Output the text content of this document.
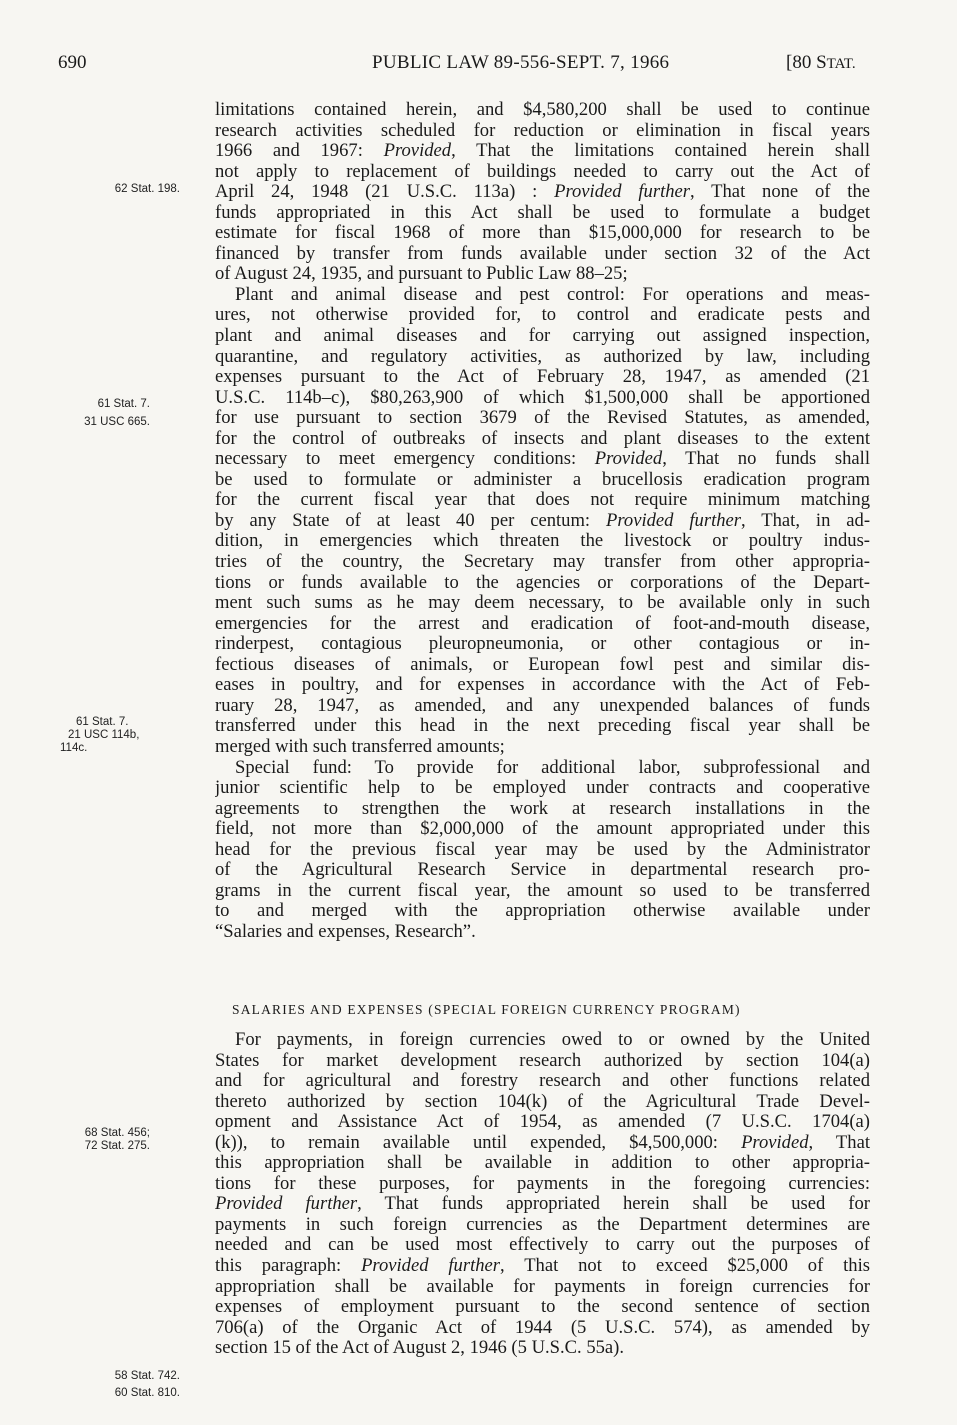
690	PUBLIC LAW 89-556-SEPT. 7, 1966	[80 STAT.
62 Stat. 198.
61 Stat. 7.
31 USC 665.
61 Stat. 7.
21 USC 114b,
114c.
68 Stat. 456;
72 Stat. 275.
58 Stat. 742.
60 Stat. 810.
limitations contained herein, and $4,580,200 shall be used to continue
research activities scheduled for reduction or elimination in fiscal years
1966 and 1967: Provided, That the limitations contained herein shall
not apply to replacement of buildings needed to carry out the Act of
April 24, 1948 (21 U.S.C. 113a) : Provided further, That none of the
funds appropriated in this Act shall be used to formulate a budget
estimate for fiscal 1968 of more than $15,000,000 for research to be
financed by transfer from funds available under section 32 of the Act
of August 24, 1935, and pursuant to Public Law 88–25;
Plant and animal disease and pest control: For operations and meas-
ures, not otherwise provided for, to control and eradicate pests and
plant and animal diseases and for carrying out assigned inspection,
quarantine, and regulatory activities, as authorized by law, including
expenses pursuant to the Act of February 28, 1947, as amended (21
U.S.C. 114b–c), $80,263,900 of which $1,500,000 shall be apportioned
for use pursuant to section 3679 of the Revised Statutes, as amended,
for the control of outbreaks of insects and plant diseases to the extent
necessary to meet emergency conditions: Provided, That no funds shall
be used to formulate or administer a brucellosis eradication program
for the current fiscal year that does not require minimum matching
by any State of at least 40 per centum: Provided further, That, in ad-
dition, in emergencies which threaten the livestock or poultry indus-
tries of the country, the Secretary may transfer from other appropria-
tions or funds available to the agencies or corporations of the Depart-
ment such sums as he may deem necessary, to be available only in such
emergencies for the arrest and eradication of foot-and-mouth disease,
rinderpest, contagious pleuropneumonia, or other contagious or in-
fectious diseases of animals, or European fowl pest and similar dis-
eases in poultry, and for expenses in accordance with the Act of Feb-
ruary 28, 1947, as amended, and any unexpended balances of funds
transferred under this head in the next preceding fiscal year shall be
merged with such transferred amounts;
Special fund: To provide for additional labor, subprofessional and
junior scientific help to be employed under contracts and cooperative
agreements to strengthen the work at research installations in the
field, not more than $2,000,000 of the amount appropriated under this
head for the previous fiscal year may be used by the Administrator
of the Agricultural Research Service in departmental research pro-
grams in the current fiscal year, the amount so used to be transferred
to and merged with the appropriation otherwise available under
“Salaries and expenses, Research”.
SALARIES AND EXPENSES (SPECIAL FOREIGN CURRENCY PROGRAM)
For payments, in foreign currencies owed to or owned by the United
States for market development research authorized by section 104(a)
and for agricultural and forestry research and other functions related
thereto authorized by section 104(k) of the Agricultural Trade Devel-
opment and Assistance Act of 1954, as amended (7 U.S.C. 1704(a)
(k)), to remain available until expended, $4,500,000: Provided, That
this appropriation shall be available in addition to other appropria-
tions for these purposes, for payments in the foregoing currencies:
Provided further, That funds appropriated herein shall be used for
payments in such foreign currencies as the Department determines are
needed and can be used most effectively to carry out the purposes of
this paragraph: Provided further, That not to exceed $25,000 of this
appropriation shall be available for payments in foreign currencies for
expenses of employment pursuant to the second sentence of section
706(a) of the Organic Act of 1944 (5 U.S.C. 574), as amended by
section 15 of the Act of August 2, 1946 (5 U.S.C. 55a).
